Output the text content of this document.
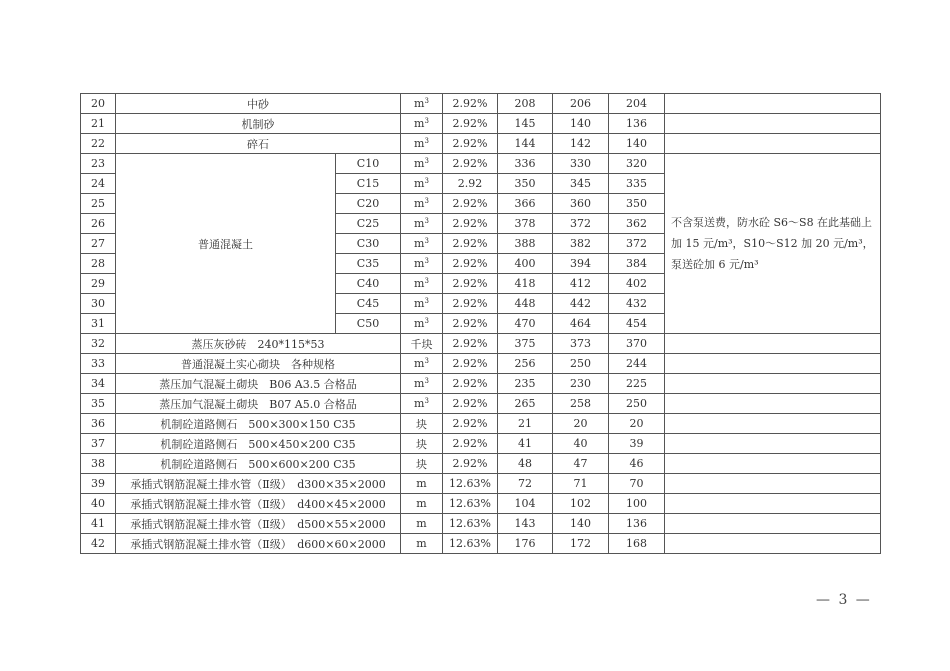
20	中砂		$m^3$	2.92%	208	206	204	
21	机制砂		$m^3$	2.92%	145	140	136	
22	碎石		$m^3$	2.92%	144	142	140	
23	普通混凝土	C10	$m^3$	2.92%	336	330	320	不含泵送费，防水砼 S6～S8 在此基础上加 15 元/m³，S10～S12 加 20 元/m³，泵送砼加 6 元/m³
24		C15	$m^3$	2.92	350	345	335	
25		C20	$m^3$	2.92%	366	360	350	
26		C25	$m^3$	2.92%	378	372	362	
27		C30	$m^3$	2.92%	388	382	372	
28		C35	$m^3$	2.92%	400	394	384	
29		C40	$m^3$	2.92%	418	412	402	
30		C45	$m^3$	2.92%	448	442	432	
31		C50	$m^3$	2.92%	470	464	454	
32	蒸压灰砂砖　240*115*53		千块	2.92%	375	373	370	
33	普通混凝土实心砌块　各种规格		$m^3$	2.92%	256	250	244	
34	蒸压加气混凝土砌块　B06 A3.5 合格品		$m^3$	2.92%	235	230	225	
35	蒸压加气混凝土砌块　B07 A5.0 合格品		$m^3$	2.92%	265	258	250	
36	机制砼道路侧石　500×300×150 C35		块	2.92%	21	20	20	
37	机制砼道路侧石　500×450×200 C35		块	2.92%	41	40	39	
38	机制砼道路侧石　500×600×200 C35		块	2.92%	48	47	46	
39	承插式钢筋混凝土排水管（Ⅱ级）　d300×35×2000		m	12.63%	72	71	70	
40	承插式钢筋混凝土排水管（Ⅱ级）　d400×45×2000		m	12.63%	104	102	100	
41	承插式钢筋混凝土排水管（Ⅱ级）　d500×55×2000		m	12.63%	143	140	136	
42	承插式钢筋混凝土排水管（Ⅱ级）　d600×60×2000		m	12.63%	176	172	168	
— 3 —
